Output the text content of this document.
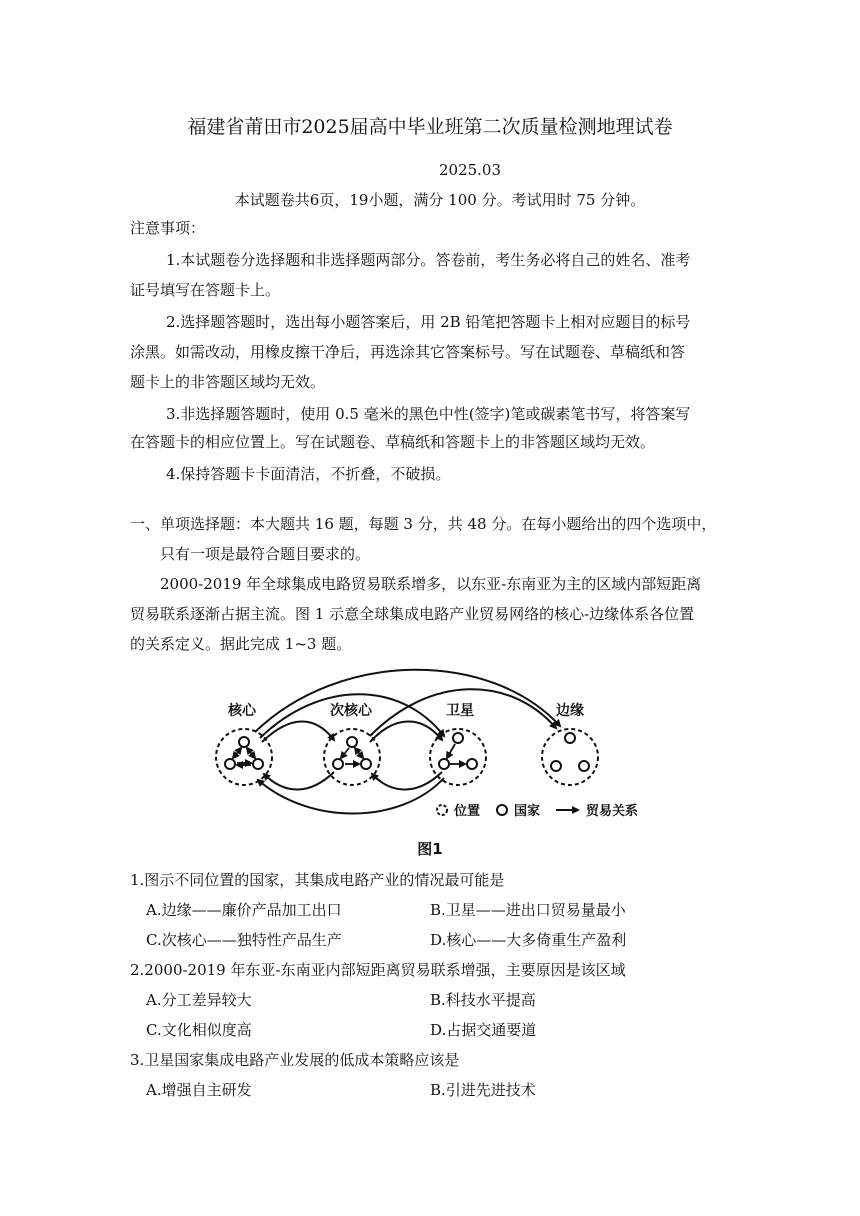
福建省莆田市2025届高中毕业班第二次质量检测地理试卷
2025.03
本试题卷共6页，19小题，满分 100 分。考试用时 75 分钟。
注意事项：
1.本试题卷分选择题和非选择题两部分。答卷前，考生务必将自己的姓名、准考
证号填写在答题卡上。
2.选择题答题时，选出每小题答案后，用 2B 铅笔把答题卡上相对应题目的标号
涂黑。如需改动，用橡皮擦干净后，再选涂其它答案标号。写在试题卷、草稿纸和答
题卡上的非答题区域均无效。
3.非选择题答题时，使用 0.5 毫米的黑色中性(签字)笔或碳素笔书写，将答案写
在答题卡的相应位置上。写在试题卷、草稿纸和答题卡上的非答题区域均无效。
4.保持答题卡卡面清洁，不折叠，不破损。
一、单项选择题：本大题共 16 题，每题 3 分，共 48 分。在每小题给出的四个选项中，
只有一项是最符合题目要求的。
2000-2019 年全球集成电路贸易联系增多，以东亚-东南亚为主的区域内部短距离
贸易联系逐渐占据主流。图 1 示意全球集成电路产业贸易网络的核心-边缘体系各位置
的关系定义。据此完成 1~3 题。
核心	次核心	卫星	边缘
位置	国家	贸易关系
图1
1.图示不同位置的国家，其集成电路产业的情况最可能是
A.边缘——廉价产品加工出口	B.卫星——进出口贸易量最小
C.次核心——独特性产品生产	D.核心——大多倚重生产盈利
2.2000-2019 年东亚-东南亚内部短距离贸易联系增强，主要原因是该区域
A.分工差异较大	B.科技水平提高
C.文化相似度高	D.占据交通要道
3.卫星国家集成电路产业发展的低成本策略应该是
A.增强自主研发	B.引进先进技术
